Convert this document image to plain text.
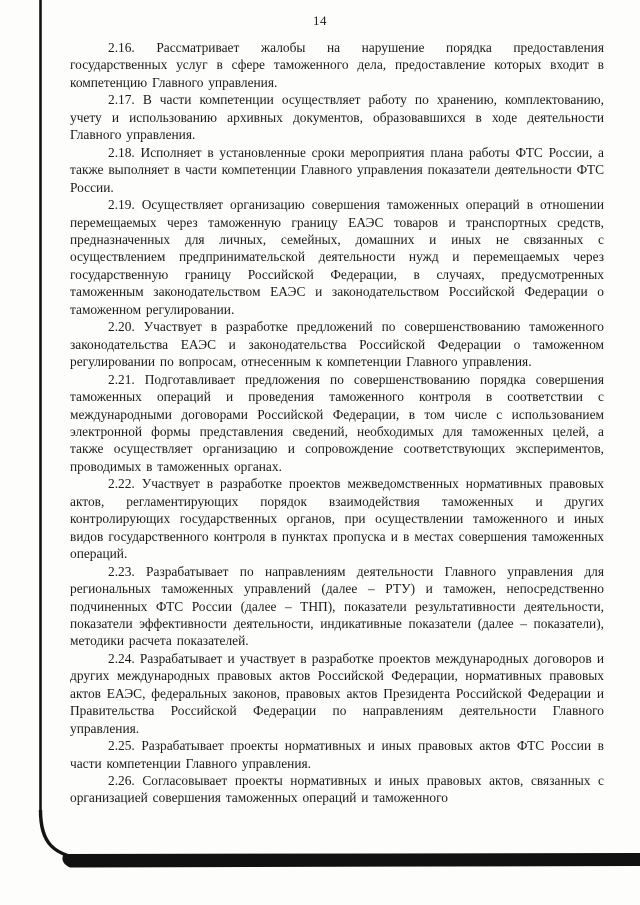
14

2.16. Рассматривает жалобы на нарушение порядка предоставления государственных услуг в сфере таможенного дела, предоставление которых входит в компетенцию Главного управления.

2.17. В части компетенции осуществляет работу по хранению, комплектованию, учету и использованию архивных документов, образовавшихся в ходе деятельности Главного управления.

2.18. Исполняет в установленные сроки мероприятия плана работы ФТС России, а также выполняет в части компетенции Главного управления показатели деятельности ФТС России.

2.19. Осуществляет организацию совершения таможенных операций в отношении перемещаемых через таможенную границу ЕАЭС товаров и транспортных средств, предназначенных для личных, семейных, домашних и иных не связанных с осуществлением предпринимательской деятельности нужд и перемещаемых через государственную границу Российской Федерации, в случаях, предусмотренных таможенным законодательством ЕАЭС и законодательством Российской Федерации о таможенном регулировании.

2.20. Участвует в разработке предложений по совершенствованию таможенного законодательства ЕАЭС и законодательства Российской Федерации о таможенном регулировании по вопросам, отнесенным к компетенции Главного управления.

2.21. Подготавливает предложения по совершенствованию порядка совершения таможенных операций и проведения таможенного контроля в соответствии с международными договорами Российской Федерации, в том числе с использованием электронной формы представления сведений, необходимых для таможенных целей, а также осуществляет организацию и сопровождение соответствующих экспериментов, проводимых в таможенных органах.

2.22. Участвует в разработке проектов межведомственных нормативных правовых актов, регламентирующих порядок взаимодействия таможенных и других контролирующих государственных органов, при осуществлении таможенного и иных видов государственного контроля в пунктах пропуска и в местах совершения таможенных операций.

2.23. Разрабатывает по направлениям деятельности Главного управления для региональных таможенных управлений (далее – РТУ) и таможен, непосредственно подчиненных ФТС России (далее – ТНП), показатели результативности деятельности, показатели эффективности деятельности, индикативные показатели (далее – показатели), методики расчета показателей.

2.24. Разрабатывает и участвует в разработке проектов международных договоров и других международных правовых актов Российской Федерации, нормативных правовых актов ЕАЭС, федеральных законов, правовых актов Президента Российской Федерации и Правительства Российской Федерации по направлениям деятельности Главного управления.

2.25. Разрабатывает проекты нормативных и иных правовых актов ФТС России в части компетенции Главного управления.

2.26. Согласовывает проекты нормативных и иных правовых актов, связанных с организацией совершения таможенных операций и таможенного
